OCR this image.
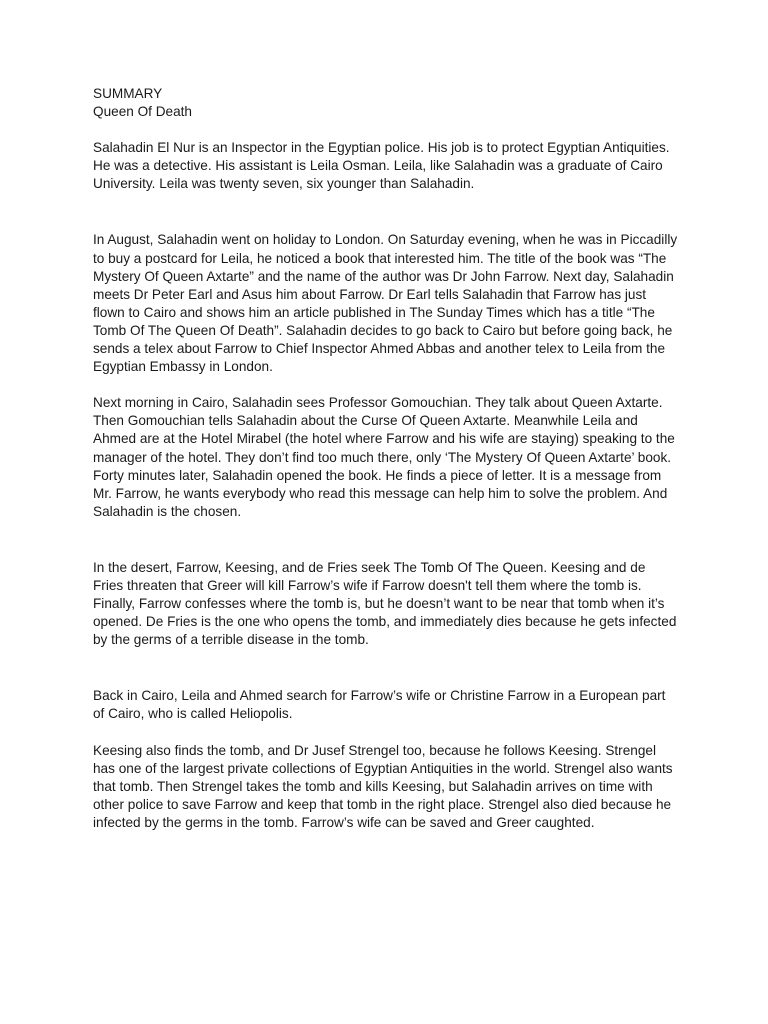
SUMMARY
Queen Of Death

Salahadin El Nur is an Inspector in the Egyptian police. His job is to protect Egyptian Antiquities. He was a detective. His assistant is Leila Osman. Leila, like Salahadin was a graduate of Cairo University. Leila was twenty seven, six younger than Salahadin.

In August, Salahadin went on holiday to London. On Saturday evening, when he was in Piccadilly to buy a postcard for Leila, he noticed a book that interested him. The title of the book was “The Mystery Of Queen Axtarte” and the name of the author was Dr John Farrow. Next day, Salahadin meets Dr Peter Earl and Asus him about Farrow. Dr Earl tells Salahadin that Farrow has just flown to Cairo and shows him an article published in The Sunday Times which has a title “The Tomb Of The Queen Of Death”. Salahadin decides to go back to Cairo but before going back, he sends a telex about Farrow to Chief Inspector Ahmed Abbas and another telex to Leila from the Egyptian Embassy in London.

Next morning in Cairo, Salahadin sees Professor Gomouchian. They talk about Queen Axtarte. Then Gomouchian tells Salahadin about the Curse Of Queen Axtarte. Meanwhile Leila and Ahmed are at the Hotel Mirabel (the hotel where Farrow and his wife are staying) speaking to the manager of the hotel. They don’t find too much there, only ‘The Mystery Of Queen Axtarte’ book. Forty minutes later, Salahadin opened the book. He finds a piece of letter. It is a message from Mr. Farrow, he wants everybody who read this message can help him to solve the problem. And Salahadin is the chosen.

In the desert, Farrow, Keesing, and de Fries seek The Tomb Of The Queen. Keesing and de Fries threaten that Greer will kill Farrow’s wife if Farrow doesn't tell them where the tomb is. Finally, Farrow confesses where the tomb is, but he doesn’t want to be near that tomb when it’s opened. De Fries is the one who opens the tomb, and immediately dies because he gets infected by the germs of a terrible disease in the tomb.

Back in Cairo, Leila and Ahmed search for Farrow’s wife or Christine Farrow in a European part of Cairo, who is called Heliopolis.

Keesing also finds the tomb, and Dr Jusef Strengel too, because he follows Keesing. Strengel has one of the largest private collections of Egyptian Antiquities in the world. Strengel also wants that tomb. Then Strengel takes the tomb and kills Keesing, but Salahadin arrives on time with other police to save Farrow and keep that tomb in the right place. Strengel also died because he infected by the germs in the tomb. Farrow’s wife can be saved and Greer caughted.
